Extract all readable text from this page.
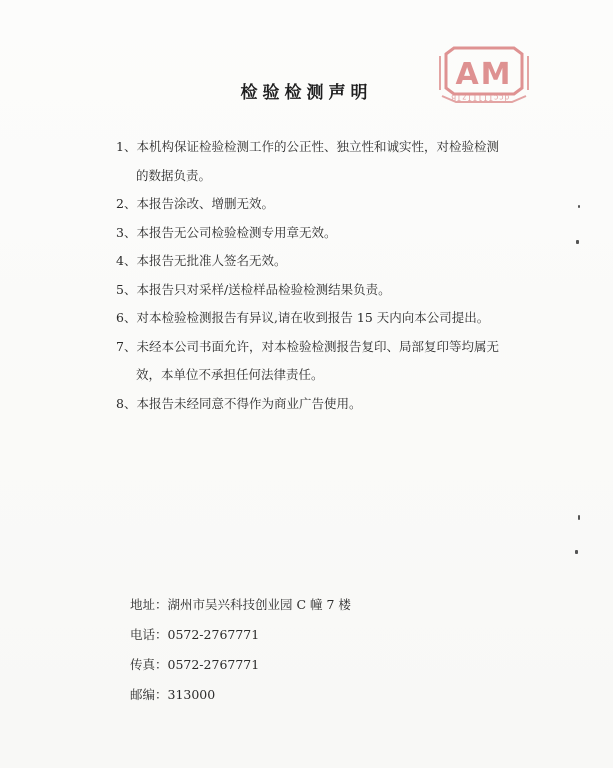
检验检测声明
AM
dccII1IIzIB
1、本机构保证检验检测工作的公正性、独立性和诚实性，对检验检测
的数据负责。
2、本报告涂改、增删无效。
3、本报告无公司检验检测专用章无效。
4、本报告无批准人签名无效。
5、本报告只对采样/送检样品检验检测结果负责。
6、对本检验检测报告有异议,请在收到报告 15 天内向本公司提出。
7、未经本公司书面允许，对本检验检测报告复印、局部复印等均属无
效，本单位不承担任何法律责任。
8、本报告未经同意不得作为商业广告使用。
地址：湖州市吴兴科技创业园 C 幢 7 楼
电话：0572-2767771
传真：0572-2767771
邮编：313000
